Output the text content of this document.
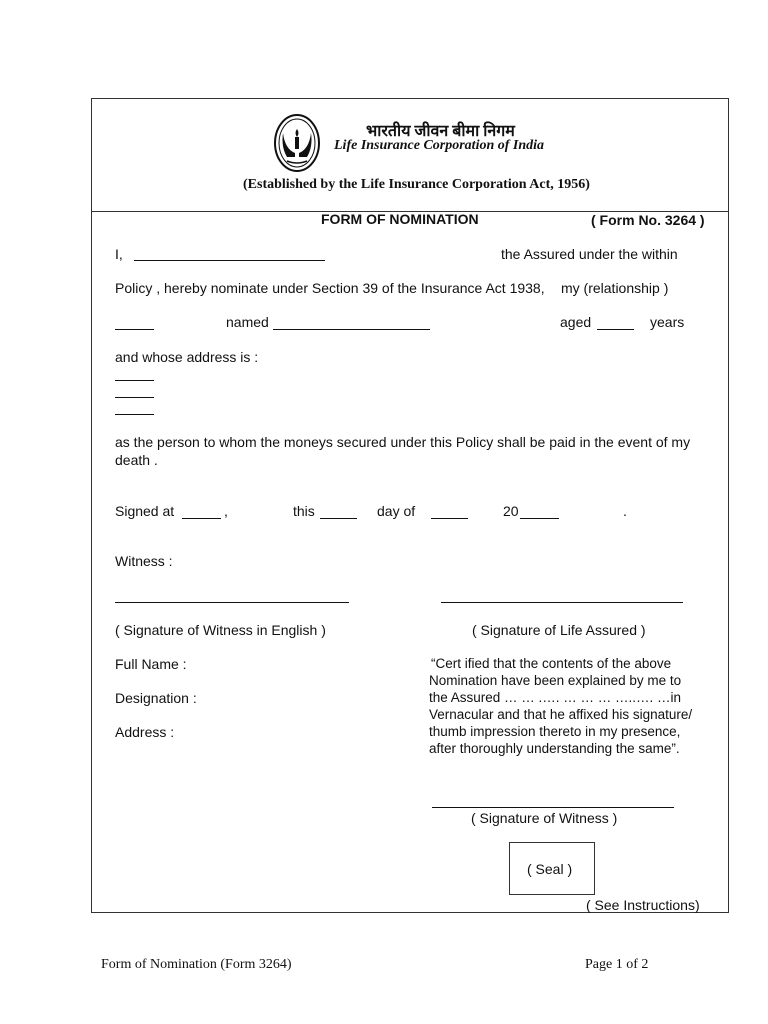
भारतीय जीवन बीमा निगम
Life Insurance Corporation of India
(Established by the Life Insurance Corporation Act, 1956)
FORM OF NOMINATION	( Form No. 3264 )
I,	the Assured under the within
Policy , hereby nominate under Section 39 of the Insurance Act 1938, my (relationship )
named	aged	years
and whose address is :
as the person to whom the moneys secured under this Policy shall be paid in the event of my
death .
Signed at	,	this	day of	20	.
Witness :
( Signature of Witness in English )	( Signature of Life Assured )
Full Name :
Designation :
Address :
“Cert ified that the contents of the above
Nomination have been explained by me to
the Assured … … .…. … … … …..…. …in
Vernacular and that he affixed his signature/
thumb impression thereto in my presence,
after thoroughly understanding the same”.
( Signature of Witness )
( Seal )
( See Instructions)
Form of Nomination (Form 3264)	Page 1 of 2
